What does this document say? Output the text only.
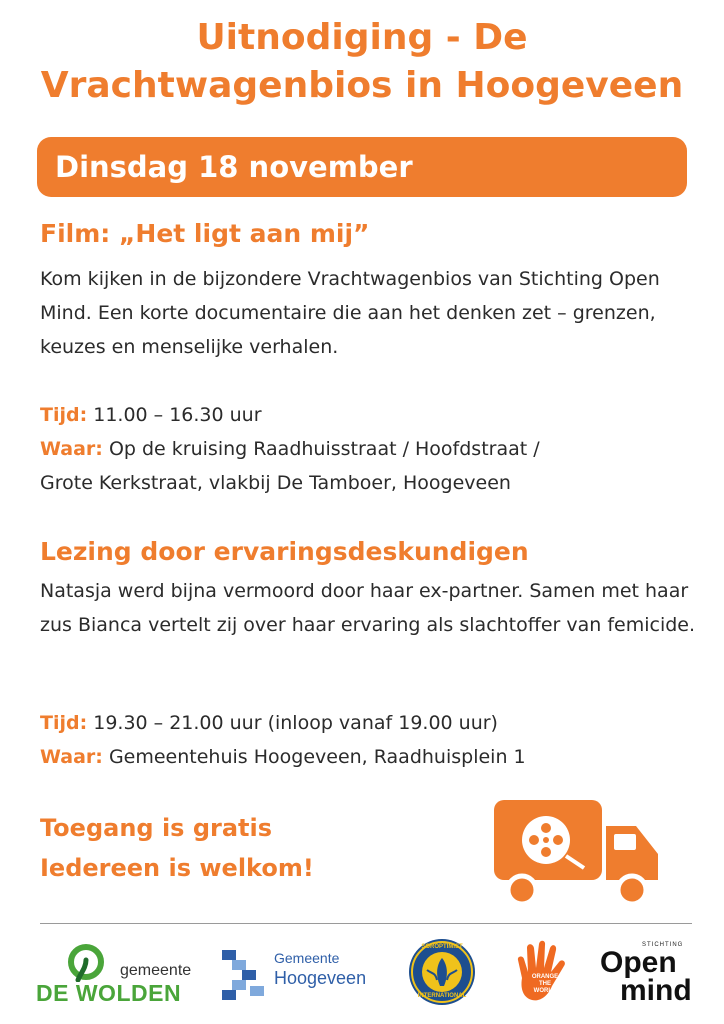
Uitnodiging - De
Vrachtwagenbios in Hoogeveen
Dinsdag 18 november
Film: „Het ligt aan mij”
Kom kijken in de bijzondere Vrachtwagenbios van Stichting Open Mind. Een korte documentaire die aan het denken zet – grenzen, keuzes en menselijke verhalen.
Tijd: 11.00 – 16.30 uur
Waar: Op de kruising Raadhuisstraat / Hoofdstraat /
Grote Kerkstraat, vlakbij De Tamboer, Hoogeveen
Lezing door ervaringsdeskundigen
Natasja werd bijna vermoord door haar ex-partner. Samen met haar zus Bianca vertelt zij over haar ervaring als slachtoffer van femicide.
Tijd: 19.30 – 21.00 uur (inloop vanaf 19.00 uur)
Waar: Gemeentehuis Hoogeveen, Raadhuisplein 1
Toegang is gratis
Iedereen is welkom!
gemeente
DE WOLDEN
Gemeente
Hoogeveen
SOROPTIMIST
INTERNATIONAL
ORANGE
THE
WORLD
STICHTING
Open
mind
